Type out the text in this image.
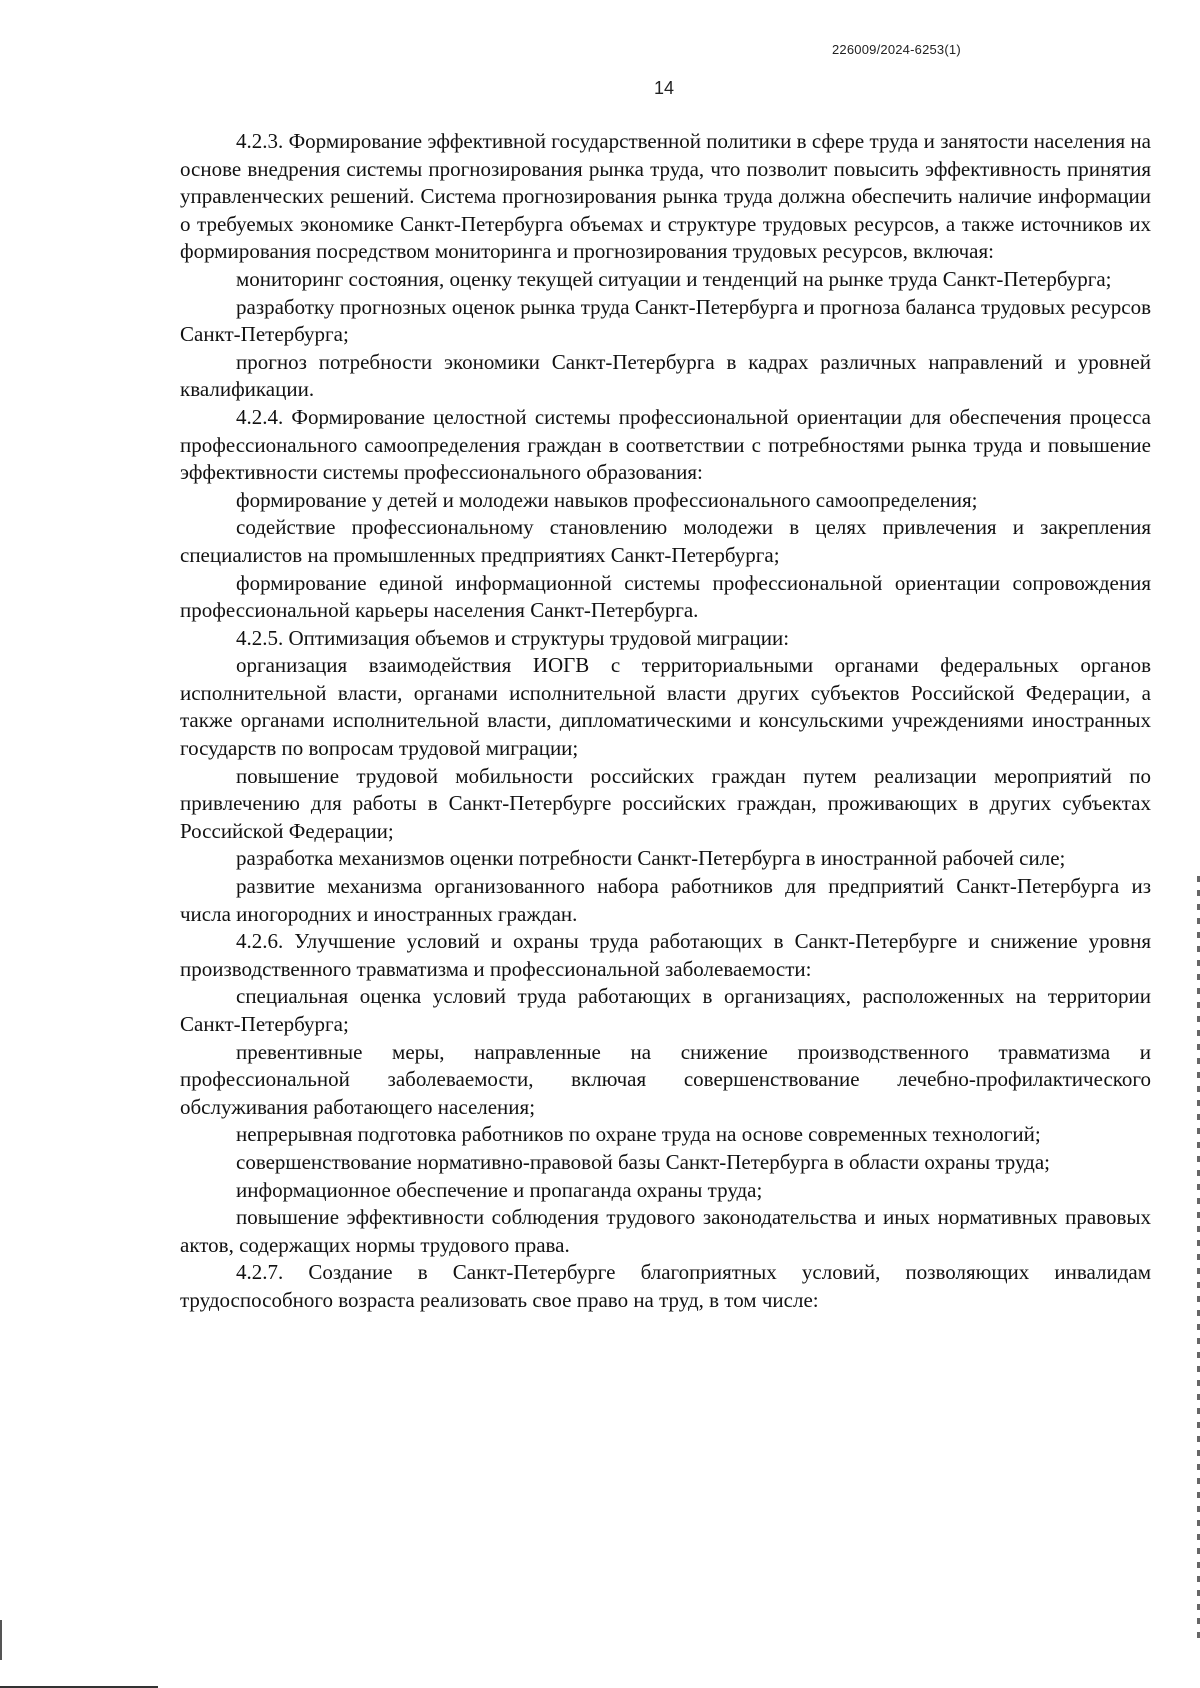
226009/2024-6253(1)
14

4.2.3. Формирование эффективной государственной политики в сфере труда и занятости населения на основе внедрения системы прогнозирования рынка труда, что позволит повысить эффективность принятия управленческих решений. Система прогнозирования рынка труда должна обеспечить наличие информации о требуемых экономике Санкт-Петербурга объемах и структуре трудовых ресурсов, а также источников их формирования посредством мониторинга и прогнозирования трудовых ресурсов, включая:

мониторинг состояния, оценку текущей ситуации и тенденций на рынке труда Санкт-Петербурга;

разработку прогнозных оценок рынка труда Санкт-Петербурга и прогноза баланса трудовых ресурсов Санкт-Петербурга;

прогноз потребности экономики Санкт-Петербурга в кадрах различных направлений и уровней квалификации.

4.2.4. Формирование целостной системы профессиональной ориентации для обеспечения процесса профессионального самоопределения граждан в соответствии с потребностями рынка труда и повышение эффективности системы профессионального образования:

формирование у детей и молодежи навыков профессионального самоопределения;

содействие профессиональному становлению молодежи в целях привлечения и закрепления специалистов на промышленных предприятиях Санкт-Петербурга;

формирование единой информационной системы профессиональной ориентации сопровождения профессиональной карьеры населения Санкт-Петербурга.

4.2.5. Оптимизация объемов и структуры трудовой миграции:

организация взаимодействия ИОГВ с территориальными органами федеральных органов исполнительной власти, органами исполнительной власти других субъектов Российской Федерации, а также органами исполнительной власти, дипломатическими и консульскими учреждениями иностранных государств по вопросам трудовой миграции;

повышение трудовой мобильности российских граждан путем реализации мероприятий по привлечению для работы в Санкт-Петербурге российских граждан, проживающих в других субъектах Российской Федерации;

разработка механизмов оценки потребности Санкт-Петербурга в иностранной рабочей силе;

развитие механизма организованного набора работников для предприятий Санкт-Петербурга из числа иногородних и иностранных граждан.

4.2.6. Улучшение условий и охраны труда работающих в Санкт-Петербурге и снижение уровня производственного травматизма и профессиональной заболеваемости:

специальная оценка условий труда работающих в организациях, расположенных на территории Санкт-Петербурга;

превентивные меры, направленные на снижение производственного травматизма и профессиональной заболеваемости, включая совершенствование лечебно-профилактического обслуживания работающего населения;

непрерывная подготовка работников по охране труда на основе современных технологий;

совершенствование нормативно-правовой базы Санкт-Петербурга в области охраны труда;

информационное обеспечение и пропаганда охраны труда;

повышение эффективности соблюдения трудового законодательства и иных нормативных правовых актов, содержащих нормы трудового права.

4.2.7. Создание в Санкт-Петербурге благоприятных условий, позволяющих инвалидам трудоспособного возраста реализовать свое право на труд, в том числе:
